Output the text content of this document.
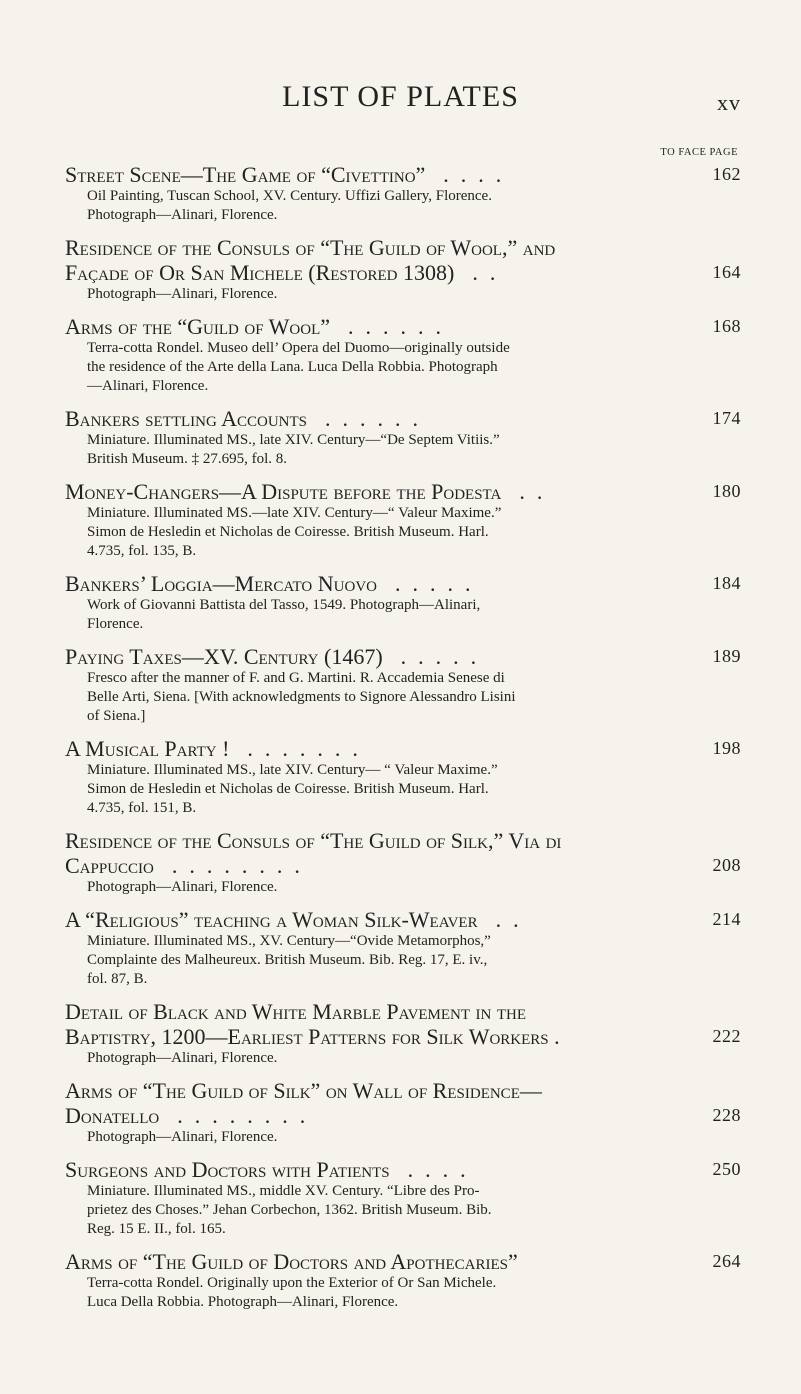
LIST OF PLATES	xv
TO FACE PAGE
Street Scene—The Game of “Civettino” ....	162

Oil Painting, Tuscan School, XV. Century. Uffizi Gallery, Florence.

Photograph—Alinari, Florence.

Residence of the Consuls of “The Guild of Wool,” and
Façade of Or San Michele (Restored 1308) ..	164

Photograph—Alinari, Florence.

Arms of the “Guild of Wool” ......	168

Terra-cotta Rondel. Museo dell’ Opera del Duomo—originally outside

the residence of the Arte della Lana. Luca Della Robbia. Photograph

—Alinari, Florence.

Bankers settling Accounts ......	174

Miniature. Illuminated MS., late XIV. Century—“De Septem Vitiis.”

British Museum. ‡ 27.695, fol. 8.

Money-Changers—A Dispute before the Podesta ..	180

Miniature. Illuminated MS.—late XIV. Century—“ Valeur Maxime.”

Simon de Hesledin et Nicholas de Coiresse. British Museum. Harl.

4.735, fol. 135, B.

Bankers’ Loggia—Mercato Nuovo .....	184

Work of Giovanni Battista del Tasso, 1549. Photograph—Alinari,

Florence.

Paying Taxes—XV. Century (1467) .....	189

Fresco after the manner of F. and G. Martini. R. Accademia Senese di

Belle Arti, Siena. [With acknowledgments to Signore Alessandro Lisini

of Siena.]

A Musical Party ! .......	198

Miniature. Illuminated MS., late XIV. Century— “ Valeur Maxime.”

Simon de Hesledin et Nicholas de Coiresse. British Museum. Harl.

4.735, fol. 151, B.

Residence of the Consuls of “The Guild of Silk,” Via di
Cappuccio ........	208

Photograph—Alinari, Florence.

A “Religious” teaching a Woman Silk-Weaver ..	214

Miniature. Illuminated MS., XV. Century—“Ovide Metamorphos,”

Complainte des Malheureux. British Museum. Bib. Reg. 17, E. iv.,

fol. 87, B.

Detail of Black and White Marble Pavement in the
Baptistry, 1200—Earliest Patterns for Silk Workers .	222

Photograph—Alinari, Florence.

Arms of “The Guild of Silk” on Wall of Residence—
Donatello ........	228

Photograph—Alinari, Florence.

Surgeons and Doctors with Patients ....	250

Miniature. Illuminated MS., middle XV. Century. “Libre des Pro-

prietez des Choses.” Jehan Corbechon, 1362. British Museum. Bib.

Reg. 15 E. II., fol. 165.

Arms of “The Guild of Doctors and Apothecaries”	264

Terra-cotta Rondel. Originally upon the Exterior of Or San Michele.

Luca Della Robbia. Photograph—Alinari, Florence.
